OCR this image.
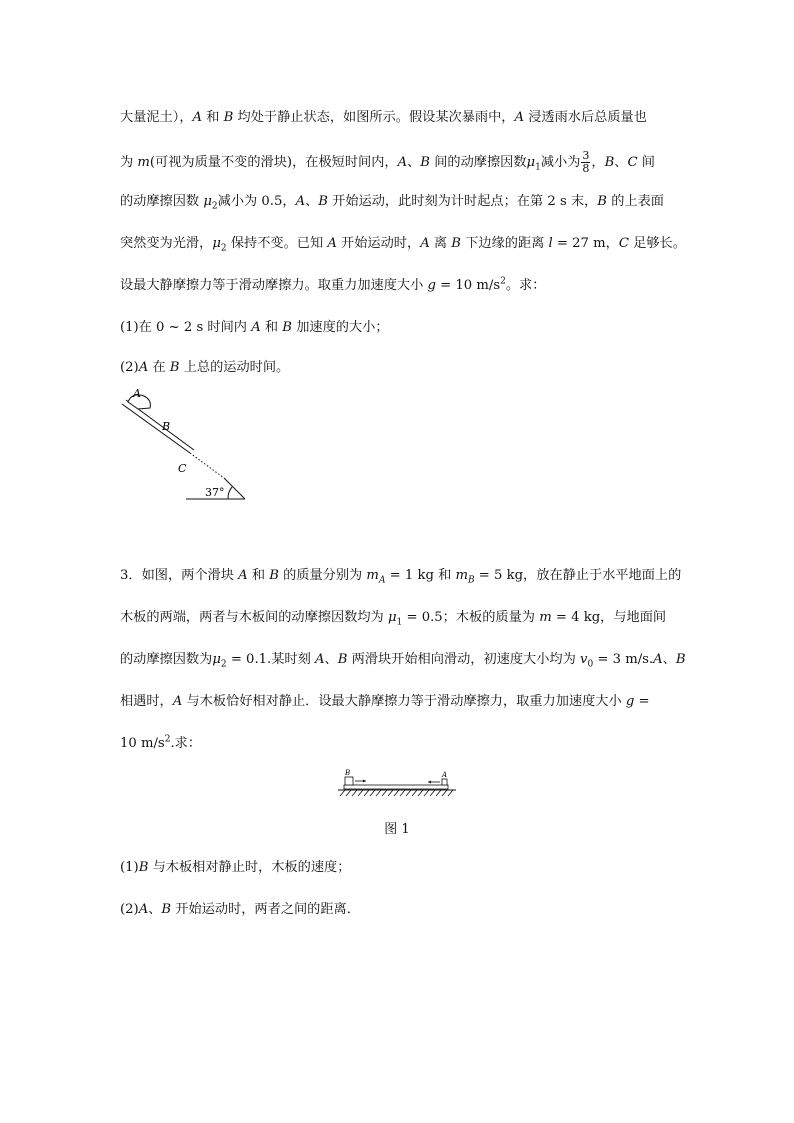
大量泥土），A 和 B 均处于静止状态，如图所示。假设某次暴雨中，A 浸透雨水后总质量也
为 m(可视为质量不变的滑块)，在极短时间内，A、B 间的动摩擦因数$\mu_1$减小为 $\frac{3}{8}$ ，B、C 间
的动摩擦因数 $\mu_2$减小为 0.5，A、B 开始运动，此时刻为计时起点；在第 2 s 末，B 的上表面
突然变为光滑，$\mu_2$ 保持不变。已知 A 开始运动时，A 离 B 下边缘的距离 l = 27 m，C 足够长。
设最大静摩擦力等于滑动摩擦力。取重力加速度大小 g = 10 $m/s^2$。求：
(1)在 0 ~ 2 s 时间内 A 和 B 加速度的大小；
(2)A 在 B 上总的运动时间。
A
B
C
37°
3．如图，两个滑块 A 和 B 的质量分别为 $m_A = 1$ kg 和 $m_B = 5$ kg，放在静止于水平地面上的
木板的两端，两者与木板间的动摩擦因数均为 $\mu_1 = 0.5$；木板的质量为 m = 4 kg，与地面间
的动摩擦因数为$\mu_2 = 0.1$.某时刻 A、B 两滑块开始相向滑动，初速度大小均为 $v_0 = 3$ m/s.A、B
相遇时，A 与木板恰好相对静止．设最大静摩擦力等于滑动摩擦力，取重力加速度大小 g =
10 $m/s^2$.求：
B	A
图 1
(1)B 与木板相对静止时，木板的速度；
(2)A、B 开始运动时，两者之间的距离．
